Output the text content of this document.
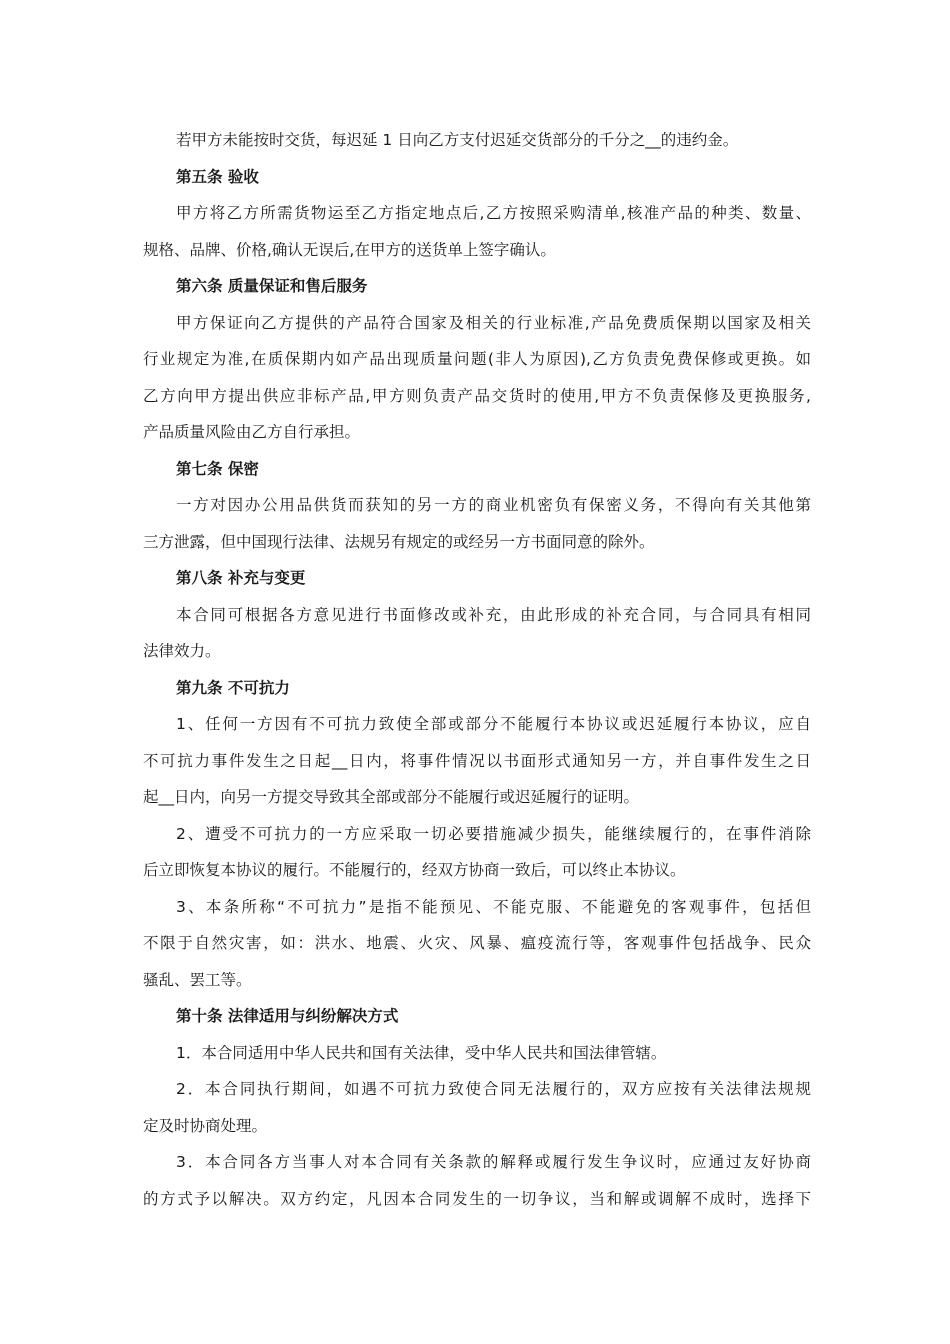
若甲方未能按时交货，每迟延 1 日向乙方支付迟延交货部分的千分之__的违约金。
第五条 验收
甲方将乙方所需货物运至乙方指定地点后,乙方按照采购清单,核准产品的种类、数量、
规格、品牌、价格,确认无误后,在甲方的送货单上签字确认。
第六条 质量保证和售后服务
甲方保证向乙方提供的产品符合国家及相关的行业标准,产品免费质保期以国家及相关
行业规定为准,在质保期内如产品出现质量问题(非人为原因),乙方负责免费保修或更换。如
乙方向甲方提出供应非标产品,甲方则负责产品交货时的使用,甲方不负责保修及更换服务,
产品质量风险由乙方自行承担。
第七条 保密
一方对因办公用品供货而获知的另一方的商业机密负有保密义务，不得向有关其他第
三方泄露，但中国现行法律、法规另有规定的或经另一方书面同意的除外。
第八条 补充与变更
本合同可根据各方意见进行书面修改或补充，由此形成的补充合同，与合同具有相同
法律效力。
第九条 不可抗力
1、任何一方因有不可抗力致使全部或部分不能履行本协议或迟延履行本协议，应自
不可抗力事件发生之日起__日内，将事件情况以书面形式通知另一方，并自事件发生之日
起__日内，向另一方提交导致其全部或部分不能履行或迟延履行的证明。
2、遭受不可抗力的一方应采取一切必要措施减少损失，能继续履行的，在事件消除
后立即恢复本协议的履行。不能履行的，经双方协商一致后，可以终止本协议。
3、本条所称“不可抗力”是指不能预见、不能克服、不能避免的客观事件，包括但
不限于自然灾害，如：洪水、地震、火灾、风暴、瘟疫流行等，客观事件包括战争、民众
骚乱、罢工等。
第十条 法律适用与纠纷解决方式
1．本合同适用中华人民共和国有关法律，受中华人民共和国法律管辖。
2．本合同执行期间，如遇不可抗力致使合同无法履行的，双方应按有关法律法规规
定及时协商处理。
3．本合同各方当事人对本合同有关条款的解释或履行发生争议时，应通过友好协商
的方式予以解决。双方约定，凡因本合同发生的一切争议，当和解或调解不成时，选择下
